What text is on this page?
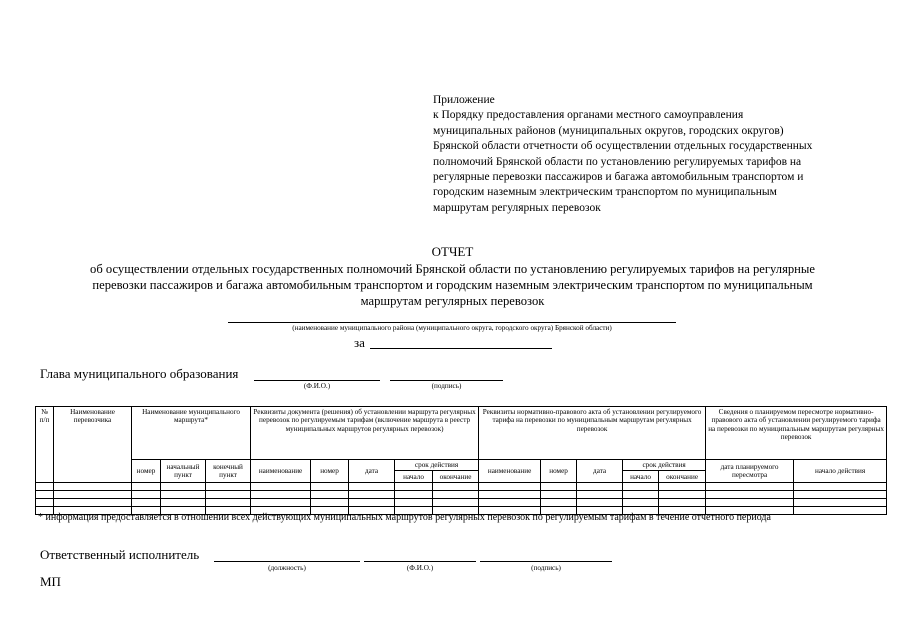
Приложение
к Порядку предоставления органами местного самоуправления
муниципальных районов (муниципальных округов, городских округов)
Брянской области отчетности об осуществлении отдельных государственных
полномочий Брянской области по установлению регулируемых тарифов на
регулярные перевозки пассажиров и багажа автомобильным транспортом и
городским наземным электрическим транспортом по муниципальным
маршрутам регулярных перевозок
ОТЧЕТ
об осуществлении отдельных государственных полномочий Брянской области по установлению регулируемых тарифов на регулярные
перевозки пассажиров и багажа автомобильным транспортом и городским наземным электрическим транспортом по муниципальным
маршрутам регулярных перевозок
(наименование муниципального района (муниципального округа, городского округа) Брянской области)
за
Глава муниципального образования
(Ф.И.О.)	(подпись)
№ п/п	Наименование перевозчика	Наименование муниципального маршрута*			Реквизиты документа (решения) об установлении маршрута регулярных перевозок по регулируемым тарифам (включение маршрута в реестр муниципальных маршрутов регулярных перевозок)					Реквизиты нормативно-правового акта об установлении регулируемого тарифа на перевозки по муниципальным маршрутам регулярных перевозок					Сведения о планируемом пересмотре нормативно-правового акта об установлении регулируемого тарифа на перевозки по муниципальным маршрутам регулярных перевозок	
		номер	начальный пункт	конечный пункт	наименование	номер	дата	срок действия		наименование	номер	дата	срок действия		дата планируемого пересмотра	начало действия
								начало	окончание				начало	окончание		

* информация предоставляется в отношении всех действующих муниципальных маршрутов регулярных перевозок по регулируемым тарифам в течение отчетного периода
Ответственный исполнитель
(должность)	(Ф.И.О.)	(подпись)
МП
